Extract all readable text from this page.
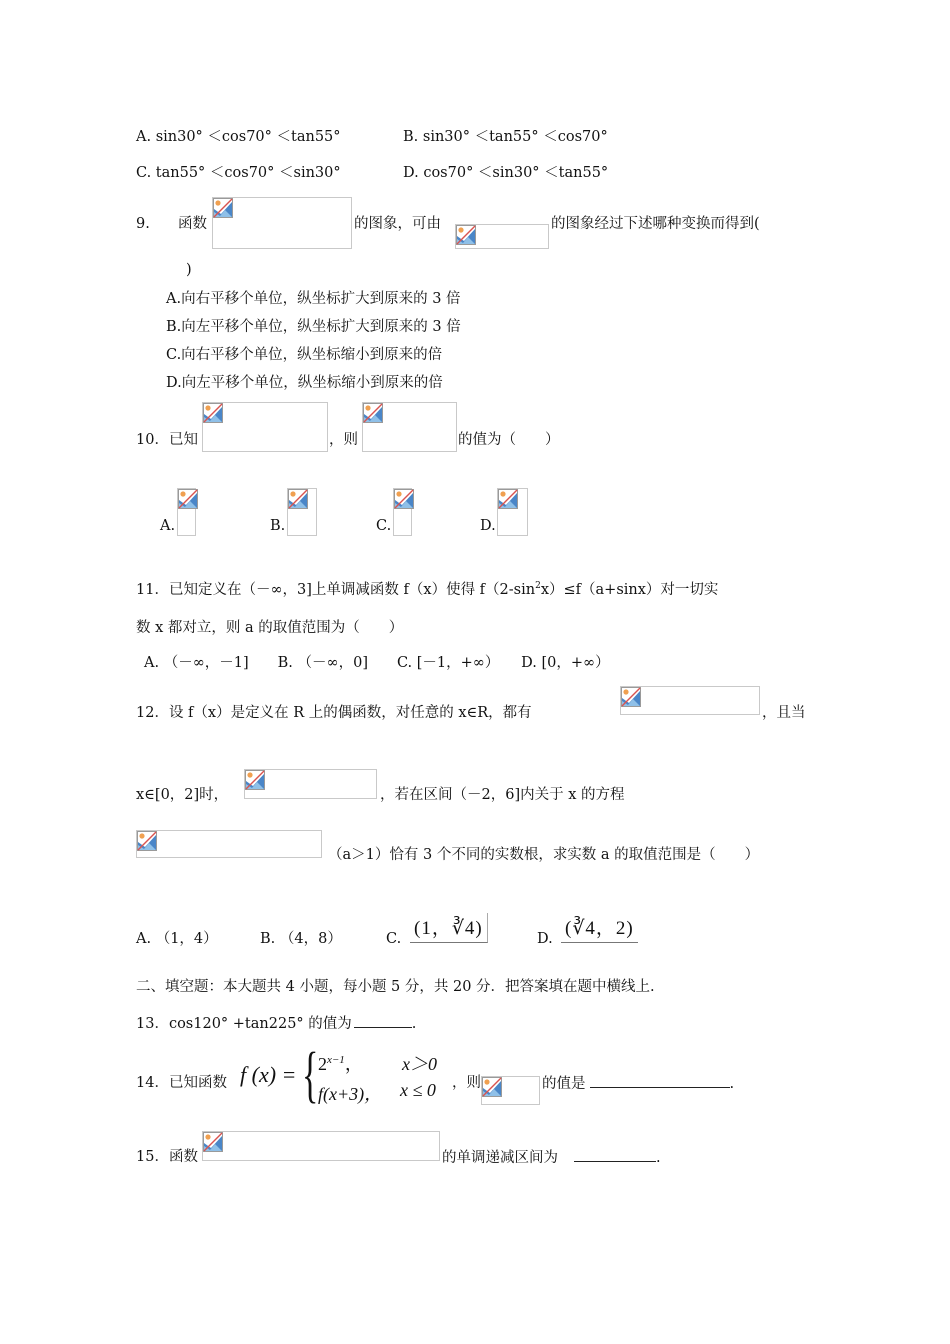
A. sin30° ＜cos70° ＜tan55°	B. sin30° ＜tan55° ＜cos70°
C. tan55° ＜cos70° ＜sin30°	D. cos70° ＜sin30° ＜tan55°
9. 函数	的图象，可由	的图象经过下述哪种变换而得到(
)
A.向右平移个单位，纵坐标扩大到原来的 3 倍
B.向左平移个单位，纵坐标扩大到原来的 3 倍
C.向右平移个单位，纵坐标缩小到原来的倍
D.向左平移个单位，纵坐标缩小到原来的倍
10．已知	，则	的值为（　　）
A.	B.	C.	D.
11．已知定义在（－∞，3]上单调减函数 f（x）使得 $f(2-\sin^2x)\le f(a+\sin x)$对一切实
数 x 都对立，则 a 的取值范围为（　　）
A. （－∞，－1]　　B. （－∞，0]　　C. [－1，+∞）　　D. [0，+∞）
12．设 f（x）是定义在 R 上的偶函数，对任意的 x∈R，都有	，且当
x∈[0，2]时，	，若在区间（－2，6]内关于 x 的方程
（a＞1）恰有 3 个不同的实数根，求实数 a 的取值范围是（　　）
A. （1，4）	B. （4，8）	C. (1，∛4)	D. (∛4，2)
二、填空题：本大题共 4 小题，每小题 5 分，共 20 分．把答案填在题中横线上.
13．cos120° +tan225° 的值为	.
14．已知函数 f (x) = { $2^{x-1}$， x＞0
f(x+3)， x ≤ 0 ，则	的值是	.
15．函数	的单调递减区间为	.
